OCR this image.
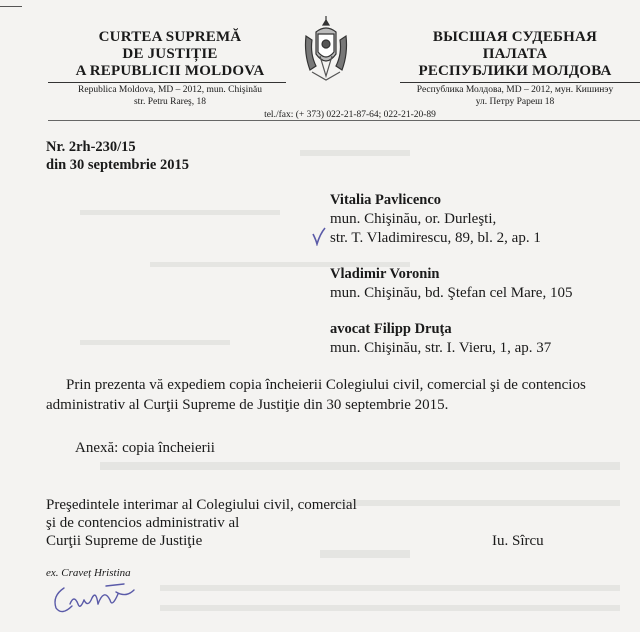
CURTEA SUPREMĂ
DE JUSTIȚIE
A REPUBLICII MOLDOVA
Republica Moldova, MD – 2012, mun. Chişinău
str. Petru Rareş, 18
ВЫСШАЯ СУДЕБНАЯ
ПАЛАТА
РЕСПУБЛИКИ МОЛДОВА
Республика Молдова, MD – 2012, мун. Кишинэу
ул. Петру Рареш 18
tel./fax: (+ 373) 022-21-87-64; 022-21-20-89
Nr. 2rh-230/15
din 30 septembrie 2015
Vitalia Pavlicenco
mun. Chişinău, or. Durleşti,
str. T. Vladimirescu, 89, bl. 2, ap. 1
Vladimir Voronin
mun. Chişinău, bd. Ştefan cel Mare, 105
avocat Filipp Druţa
mun. Chişinău, str. I. Vieru, 1, ap. 37
Prin prezenta vă expediem copia încheierii Colegiului civil, comercial şi de contencios
administrativ al Curţii Supreme de Justiţie din 30 septembrie 2015.
Anexă: copia încheierii
Preşedintele interimar al Colegiului civil, comercial
şi de contencios administrativ al
Curţii Supreme de Justiţie	Iu. Sîrcu
ex. Craveț Hristina
